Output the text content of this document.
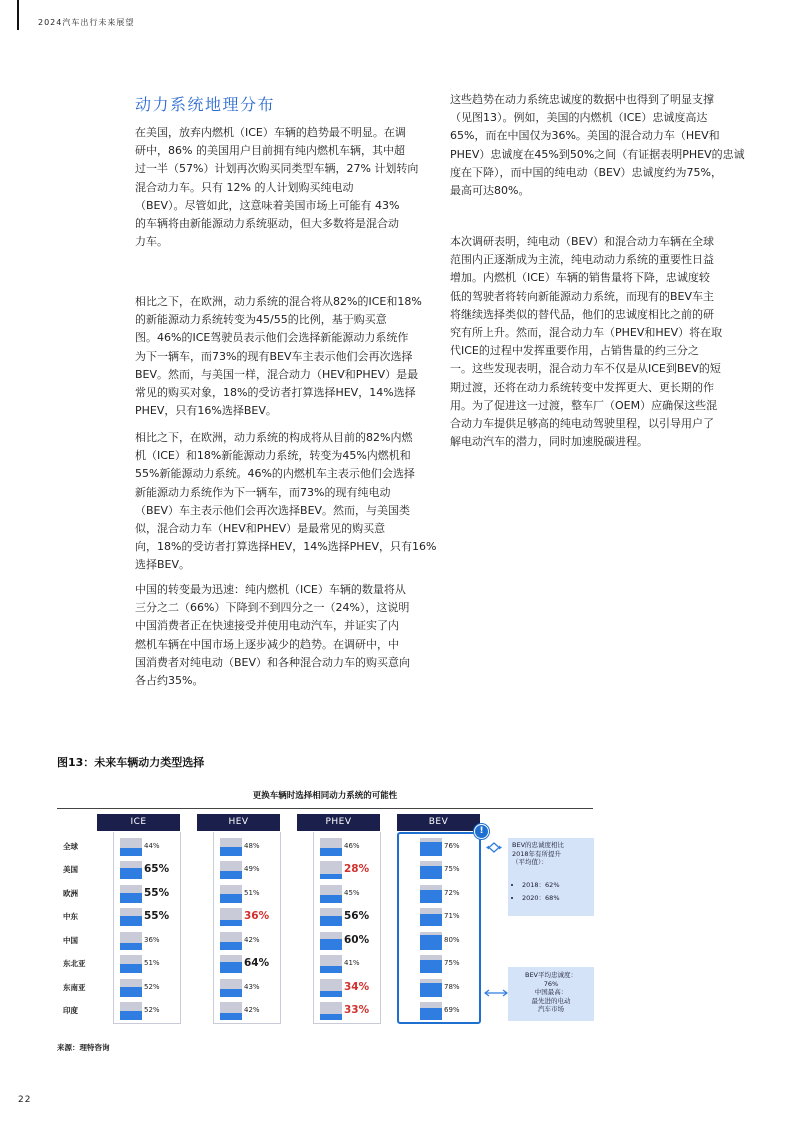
2024汽车出行未来展望
动力系统地理分布
在美国，放弃内燃机（ICE）车辆的趋势最不明显。在调
研中，86% 的美国用户目前拥有纯内燃机车辆，其中超
过一半（57%）计划再次购买同类型车辆，27% 计划转向
混合动力车。只有 12% 的人计划购买纯电动
（BEV）。尽管如此，这意味着美国市场上可能有 43%
的车辆将由新能源动力系统驱动，但大多数将是混合动
力车。
相比之下，在欧洲，动力系统的混合将从82%的ICE和18%
的新能源动力系统转变为45/55的比例，基于购买意
图。46%的ICE驾驶员表示他们会选择新能源动力系统作
为下一辆车，而73%的现有BEV车主表示他们会再次选择
BEV。然而，与美国一样，混合动力（HEV和PHEV）是最
常见的购买对象，18%的受访者打算选择HEV，14%选择
PHEV，只有16%选择BEV。
相比之下，在欧洲，动力系统的构成将从目前的82%内燃
机（ICE）和18%新能源动力系统，转变为45%内燃机和
55%新能源动力系统。46%的内燃机车主表示他们会选择
新能源动力系统作为下一辆车，而73%的现有纯电动
（BEV）车主表示他们会再次选择BEV。然而，与美国类
似，混合动力车（HEV和PHEV）是最常见的购买意
向，18%的受访者打算选择HEV，14%选择PHEV，只有16%
选择BEV。
中国的转变最为迅速：纯内燃机（ICE）车辆的数量将从
三分之二（66%）下降到不到四分之一（24%），这说明
中国消费者正在快速接受并使用电动汽车，并证实了内
燃机车辆在中国市场上逐步减少的趋势。在调研中，中
国消费者对纯电动（BEV）和各种混合动力车的购买意向
各占约35%。
这些趋势在动力系统忠诚度的数据中也得到了明显支撑
（见图13）。例如，美国的内燃机（ICE）忠诚度高达
65%，而在中国仅为36%。美国的混合动力车（HEV和
PHEV）忠诚度在45%到50%之间（有证据表明PHEV的忠诚
度在下降），而中国的纯电动（BEV）忠诚度约为75%，
最高可达80%。
本次调研表明，纯电动（BEV）和混合动力车辆在全球
范围内正逐渐成为主流，纯电动动力系统的重要性日益
增加。内燃机（ICE）车辆的销售量将下降，忠诚度较
低的驾驶者将转向新能源动力系统，而现有的BEV车主
将继续选择类似的替代品，他们的忠诚度相比之前的研
究有所上升。然而，混合动力车（PHEV和HEV）将在取
代ICE的过程中发挥重要作用，占销售量的约三分之
一。这些发现表明，混合动力车不仅是从ICE到BEV的短
期过渡，还将在动力系统转变中发挥更大、更长期的作
用。为了促进这一过渡，整车厂（OEM）应确保这些混
合动力车提供足够高的纯电动驾驶里程，以引导用户了
解电动汽车的潜力，同时加速脱碳进程。
图13：未来车辆动力类型选择
更换车辆时选择相同动力系统的可能性
全球
美国
欧洲
中东
中国
东北亚
东南亚
印度
ICE
44%
65%
55%
55%
36%
51%
52%
52%
HEV
48%
49%
51%
36%
42%
64%
43%
42%
PHEV
46%
28%
45%
56%
60%
41%
34%
33%
BEV
76%
75%
72%
71%
80%
75%
78%
69%
!
BEV的忠诚度相比
2018年有所提升
（平均值）：
• 2018：62%
• 2020：68%
BEV平均忠诚度：
76%
中国最高：
最先进的电动
汽车市场
来源：理特咨询
22
